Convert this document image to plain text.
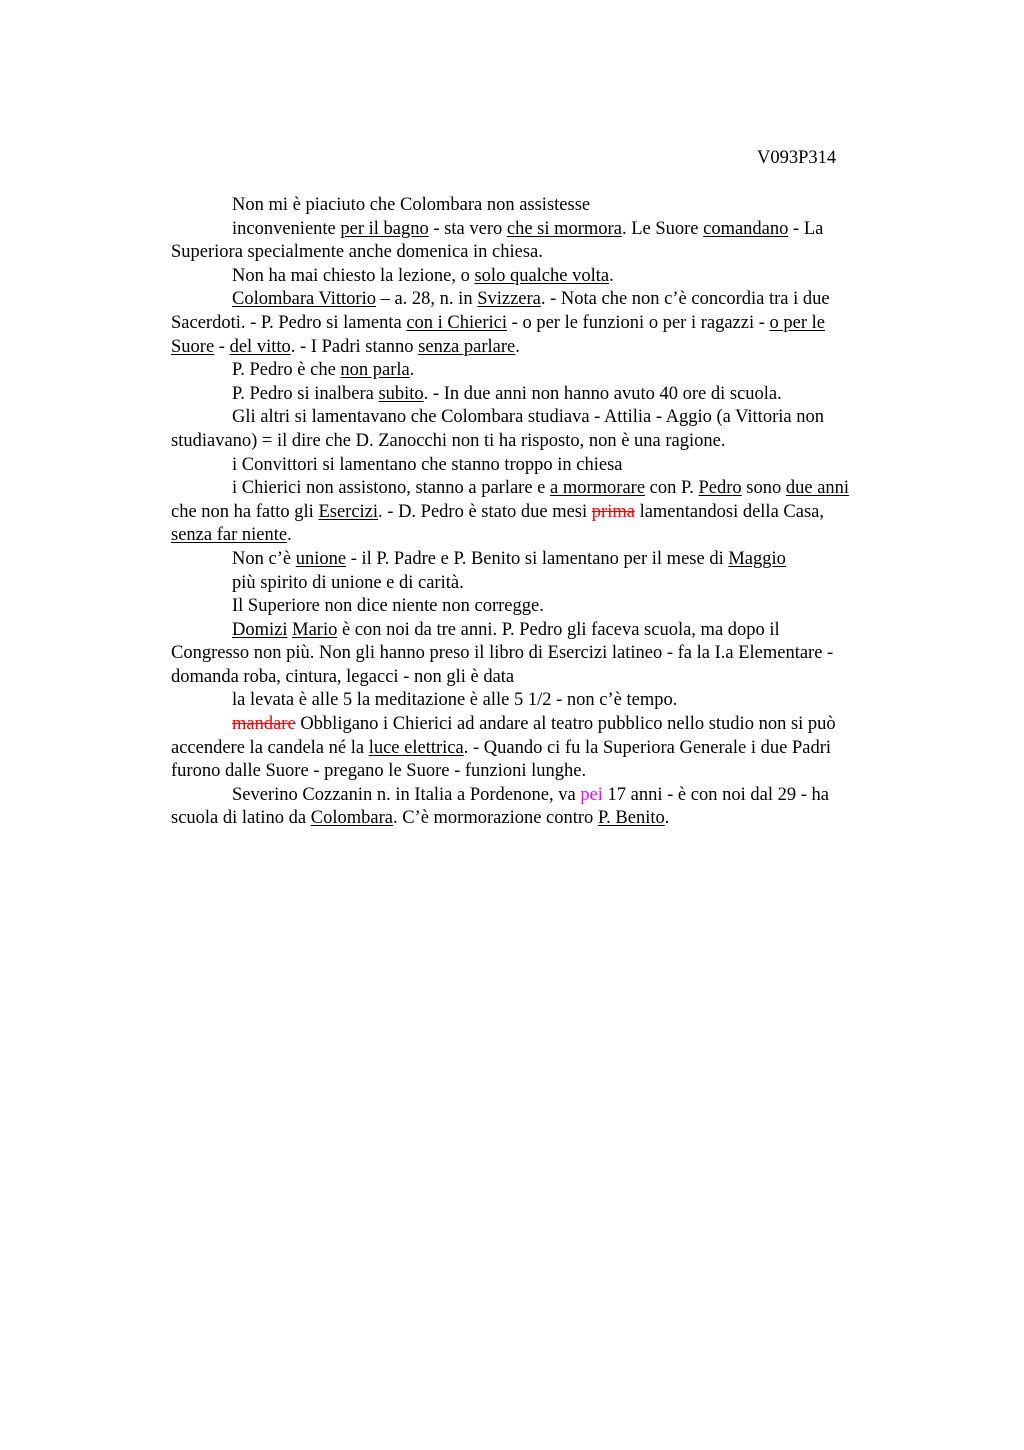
V093P314

Non mi è piaciuto che Colombara non assistesse

inconveniente per il bagno - sta vero che si mormora. Le Suore comandano - La
Superiora specialmente anche domenica in chiesa.

Non ha mai chiesto la lezione, o solo qualche volta.

Colombara Vittorio – a. 28, n. in Svizzera. - Nota che non c’è concordia tra i due
Sacerdoti. - P. Pedro si lamenta con i Chierici - o per le funzioni o per i ragazzi - o per le
Suore - del vitto. - I Padri stanno senza parlare.

P. Pedro è che non parla.

P. Pedro si inalbera subito. - In due anni non hanno avuto 40 ore di scuola.

Gli altri si lamentavano che Colombara studiava - Attilia - Aggio (a Vittoria non
studiavano) = il dire che D. Zanocchi non ti ha risposto, non è una ragione.

i Convittori si lamentano che stanno troppo in chiesa

i Chierici non assistono, stanno a parlare e a mormorare con P. Pedro sono due anni
che non ha fatto gli Esercizi. - D. Pedro è stato due mesi prima lamentandosi della Casa,
senza far niente.

Non c’è unione - il P. Padre e P. Benito si lamentano per il mese di Maggio

più spirito di unione e di carità.

Il Superiore non dice niente non corregge.

Domizi Mario è con noi da tre anni. P. Pedro gli faceva scuola, ma dopo il
Congresso non più. Non gli hanno preso il libro di Esercizi latineo - fa la I.a Elementare -
domanda roba, cintura, legacci - non gli è data

la levata è alle 5 la meditazione è alle 5 1/2 - non c’è tempo.

mandare Obbligano i Chierici ad andare al teatro pubblico nello studio non si può
accendere la candela né la luce elettrica. - Quando ci fu la Superiora Generale i due Padri
furono dalle Suore - pregano le Suore - funzioni lunghe.

Severino Cozzanin n. in Italia a Pordenone, va pei 17 anni - è con noi dal 29 - ha
scuola di latino da Colombara. C’è mormorazione contro P. Benito.
